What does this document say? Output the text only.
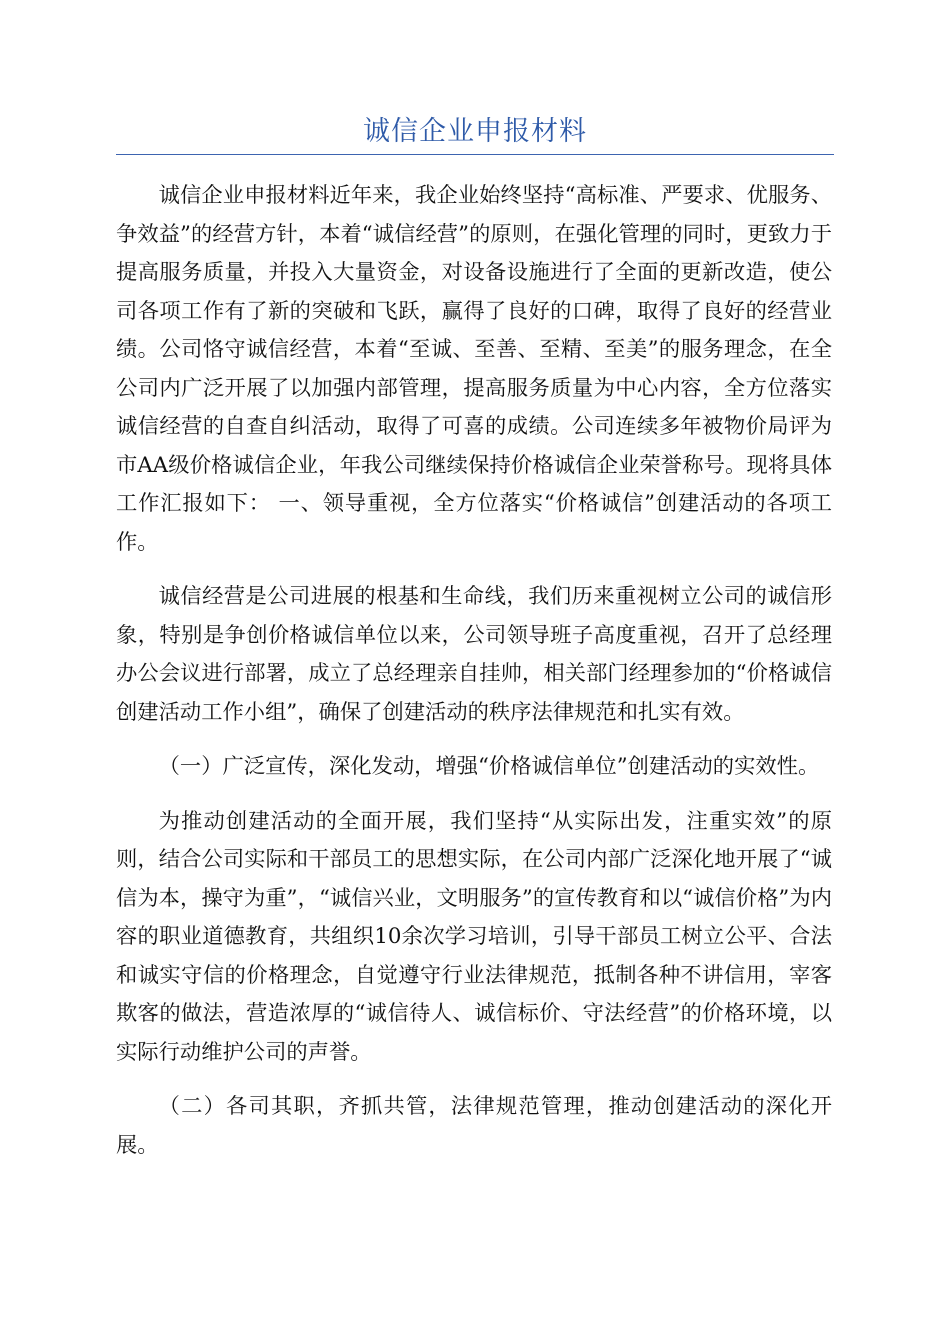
诚信企业申报材料

诚信企业申报材料近年来，我企业始终坚持“高标准、严要求、优服务、争效益”的经营方针，本着“诚信经营”的原则，在强化管理的同时，更致力于提高服务质量，并投入大量资金，对设备设施进行了全面的更新改造，使公司各项工作有了新的突破和飞跃，赢得了良好的口碑，取得了良好的经营业绩。公司恪守诚信经营，本着“至诚、至善、至精、至美”的服务理念，在全公司内广泛开展了以加强内部管理，提高服务质量为中心内容，全方位落实诚信经营的自查自纠活动，取得了可喜的成绩。公司连续多年被物价局评为市AA级价格诚信企业，年我公司继续保持价格诚信企业荣誉称号。现将具体工作汇报如下： 一、领导重视，全方位落实“价格诚信”创建活动的各项工作。

诚信经营是公司进展的根基和生命线，我们历来重视树立公司的诚信形象，特别是争创价格诚信单位以来，公司领导班子高度重视，召开了总经理办公会议进行部署，成立了总经理亲自挂帅，相关部门经理参加的“价格诚信创建活动工作小组”，确保了创建活动的秩序法律规范和扎实有效。

（一）广泛宣传，深化发动，增强“价格诚信单位”创建活动的实效性。

为推动创建活动的全面开展，我们坚持“从实际出发，注重实效”的原则，结合公司实际和干部员工的思想实际，在公司内部广泛深化地开展了“诚信为本，操守为重”，“诚信兴业，文明服务”的宣传教育和以“诚信价格”为内容的职业道德教育，共组织10余次学习培训，引导干部员工树立公平、合法和诚实守信的价格理念，自觉遵守行业法律规范，抵制各种不讲信用，宰客欺客的做法，营造浓厚的“诚信待人、诚信标价、守法经营”的价格环境，以实际行动维护公司的声誉。

（二）各司其职，齐抓共管，法律规范管理，推动创建活动的深化开展。
